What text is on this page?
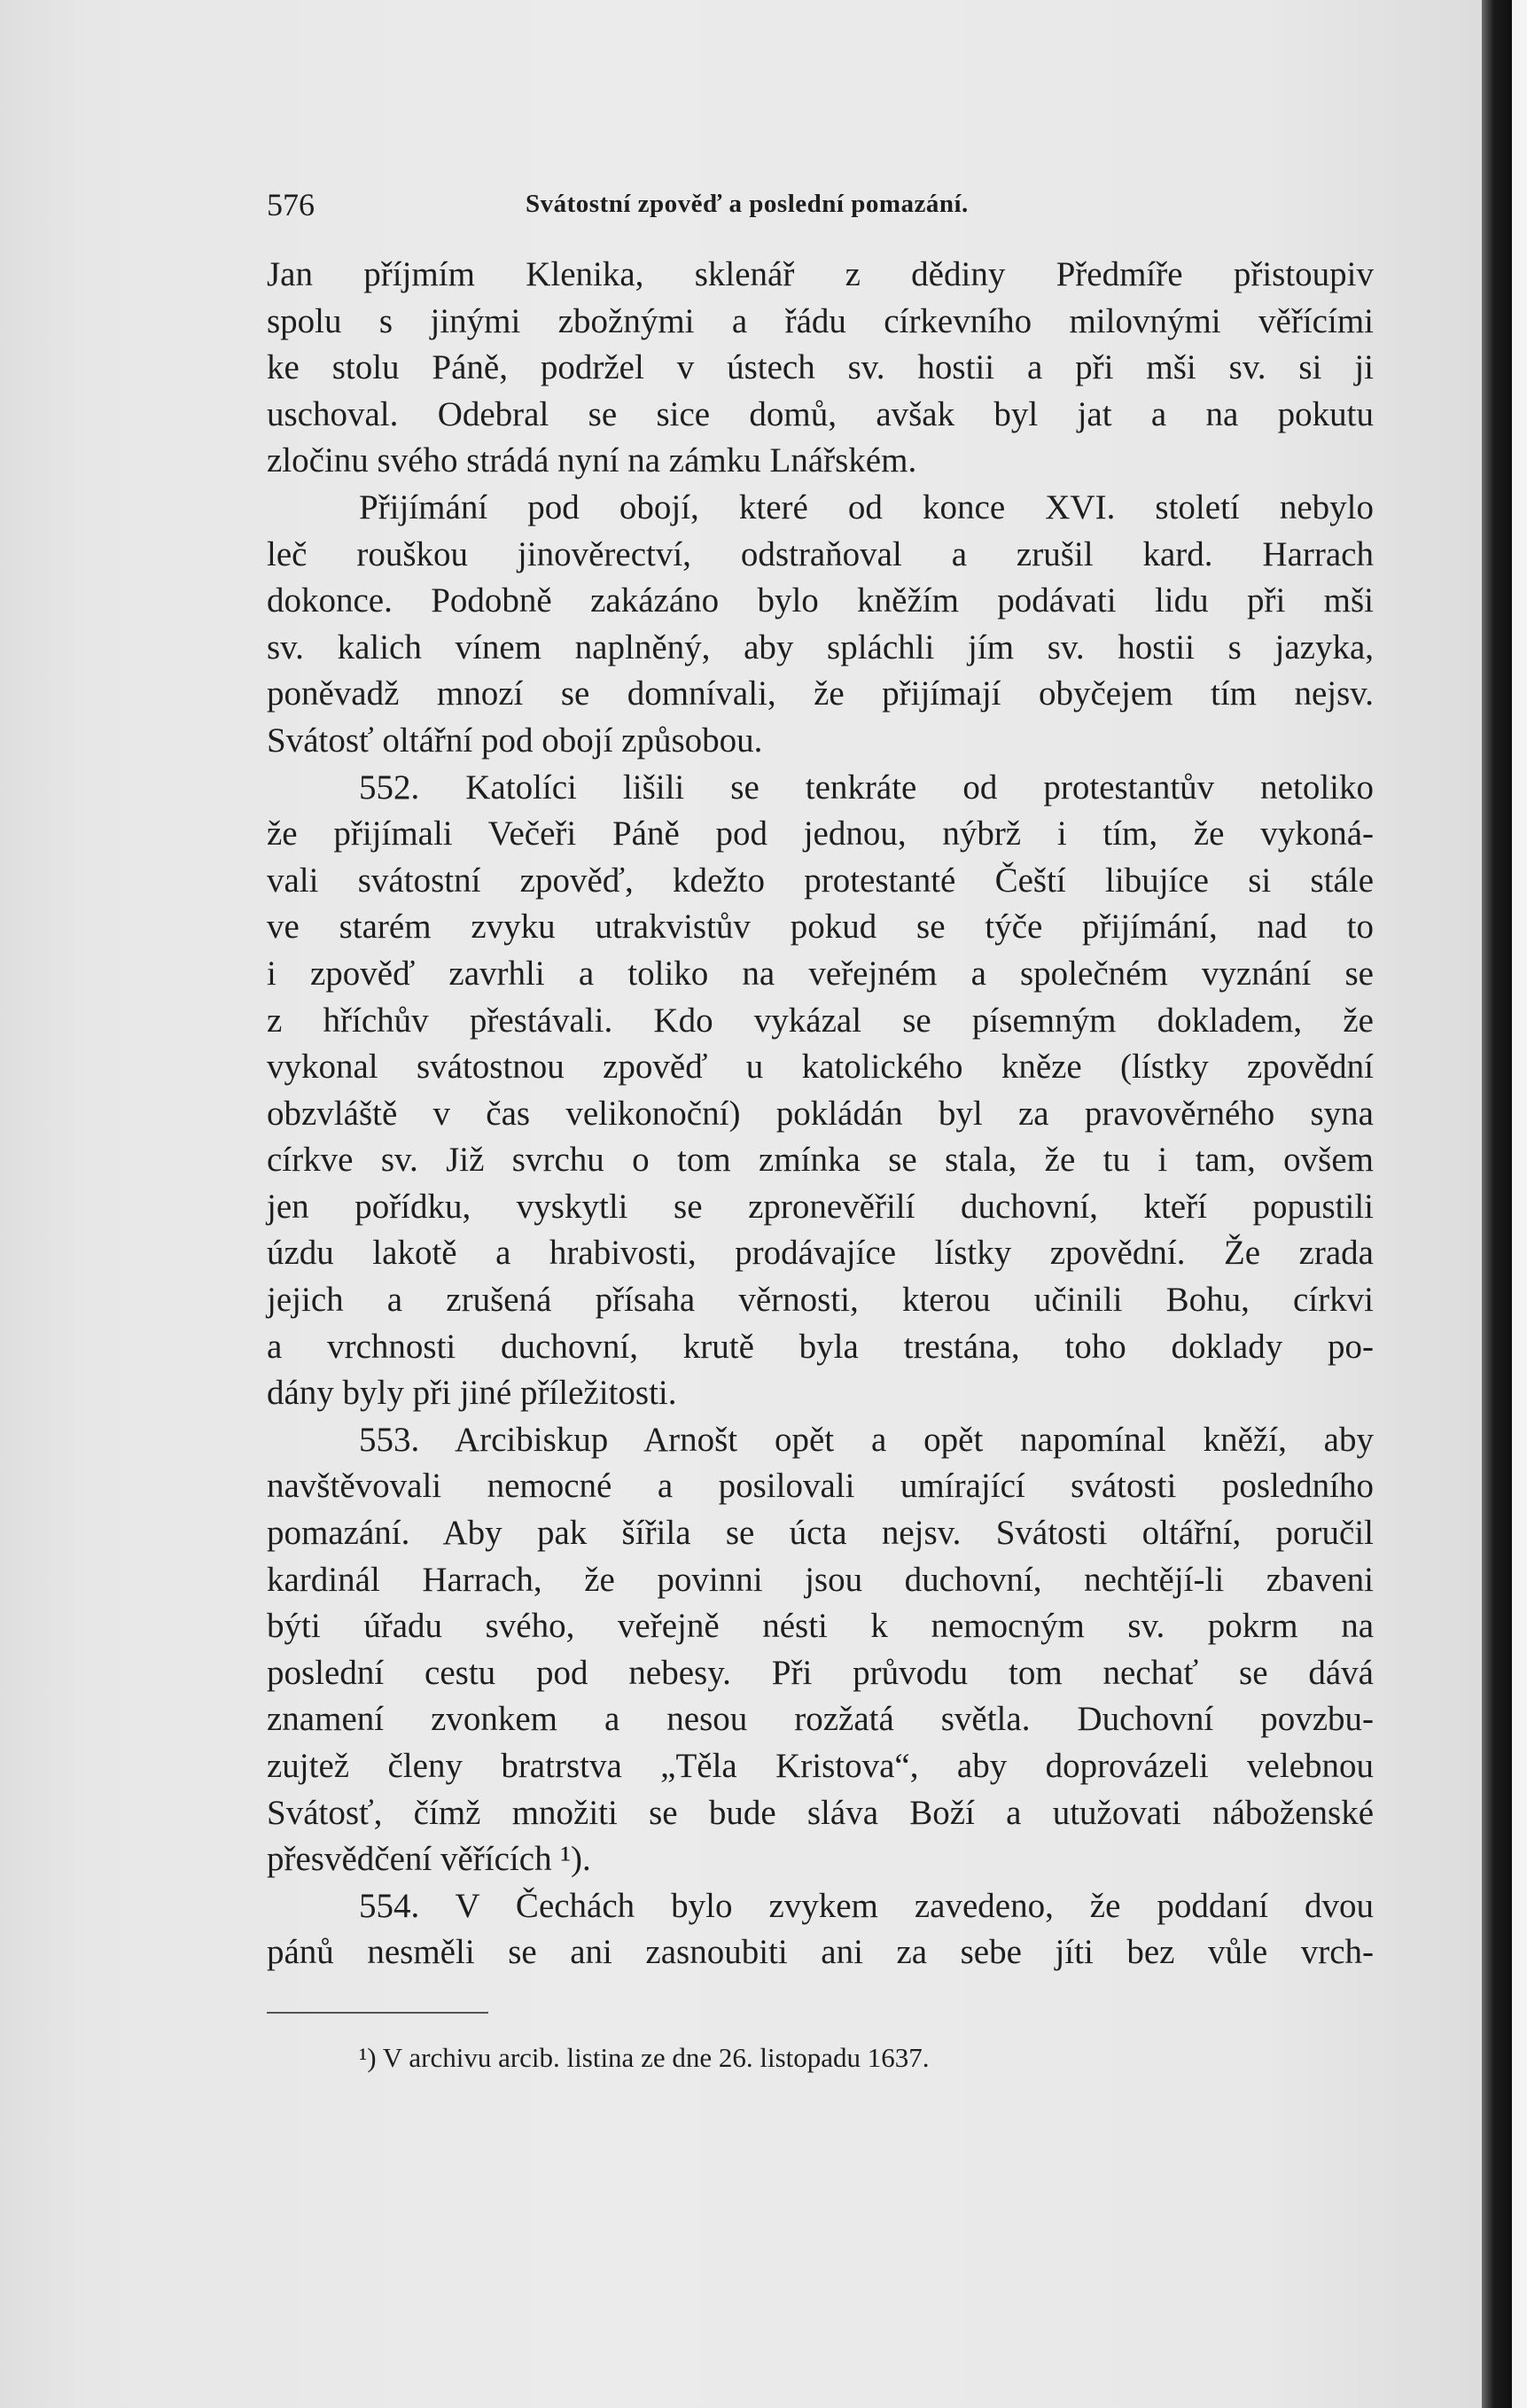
576	Svátostní zpověď a poslední pomazání.
Jan příjmím Klenika, sklenář z dědiny Předmíře přistoupiv
spolu s jinými zbožnými a řádu církevního milovnými věřícími
ke stolu Páně, podržel v ústech sv. hostii a při mši sv. si ji
uschoval. Odebral se sice domů, avšak byl jat a na pokutu
zločinu svého strádá nyní na zámku Lnářském.
Přijímání pod obojí, které od konce XVI. století nebylo
leč rouškou jinověrectví, odstraňoval a zrušil kard. Harrach
dokonce. Podobně zakázáno bylo kněžím podávati lidu při mši
sv. kalich vínem naplněný, aby spláchli jím sv. hostii s jazyka,
poněvadž mnozí se domnívali, že přijímají obyčejem tím nejsv.
Svátosť oltářní pod obojí způsobou.
552. Katolíci lišili se tenkráte od protestantův netoliko
že přijímali Večeři Páně pod jednou, nýbrž i tím, že vykoná-
vali svátostní zpověď, kdežto protestanté Čeští libujíce si stále
ve starém zvyku utrakvistův pokud se týče přijímání, nad to
i zpověď zavrhli a toliko na veřejném a společném vyznání se
z hříchův přestávali. Kdo vykázal se písemným dokladem, že
vykonal svátostnou zpověď u katolického kněze (lístky zpovědní
obzvláště v čas velikonoční) pokládán byl za pravověrného syna
církve sv. Již svrchu o tom zmínka se stala, že tu i tam, ovšem
jen pořídku, vyskytli se zpronevěřilí duchovní, kteří popustili
úzdu lakotě a hrabivosti, prodávajíce lístky zpovědní. Že zrada
jejich a zrušená přísaha věrnosti, kterou učinili Bohu, církvi
a vrchnosti duchovní, krutě byla trestána, toho doklady po-
dány byly při jiné příležitosti.
553. Arcibiskup Arnošt opět a opět napomínal kněží, aby
navštěvovali nemocné a posilovali umírající svátosti posledního
pomazání. Aby pak šířila se úcta nejsv. Svátosti oltářní, poručil
kardinál Harrach, že povinni jsou duchovní, nechtějí-li zbaveni
býti úřadu svého, veřejně nésti k nemocným sv. pokrm na
poslední cestu pod nebesy. Při průvodu tom nechať se dává
znamení zvonkem a nesou rozžatá světla. Duchovní povzbu-
zujtež členy bratrstva „Těla Kristova“, aby doprovázeli velebnou
Svátosť, čímž množiti se bude sláva Boží a utužovati náboženské
přesvědčení věřících ¹).
554. V Čechách bylo zvykem zavedeno, že poddaní dvou
pánů nesměli se ani zasnoubiti ani za sebe jíti bez vůle vrch-
¹) V archivu arcib. listina ze dne 26. listopadu 1637.
